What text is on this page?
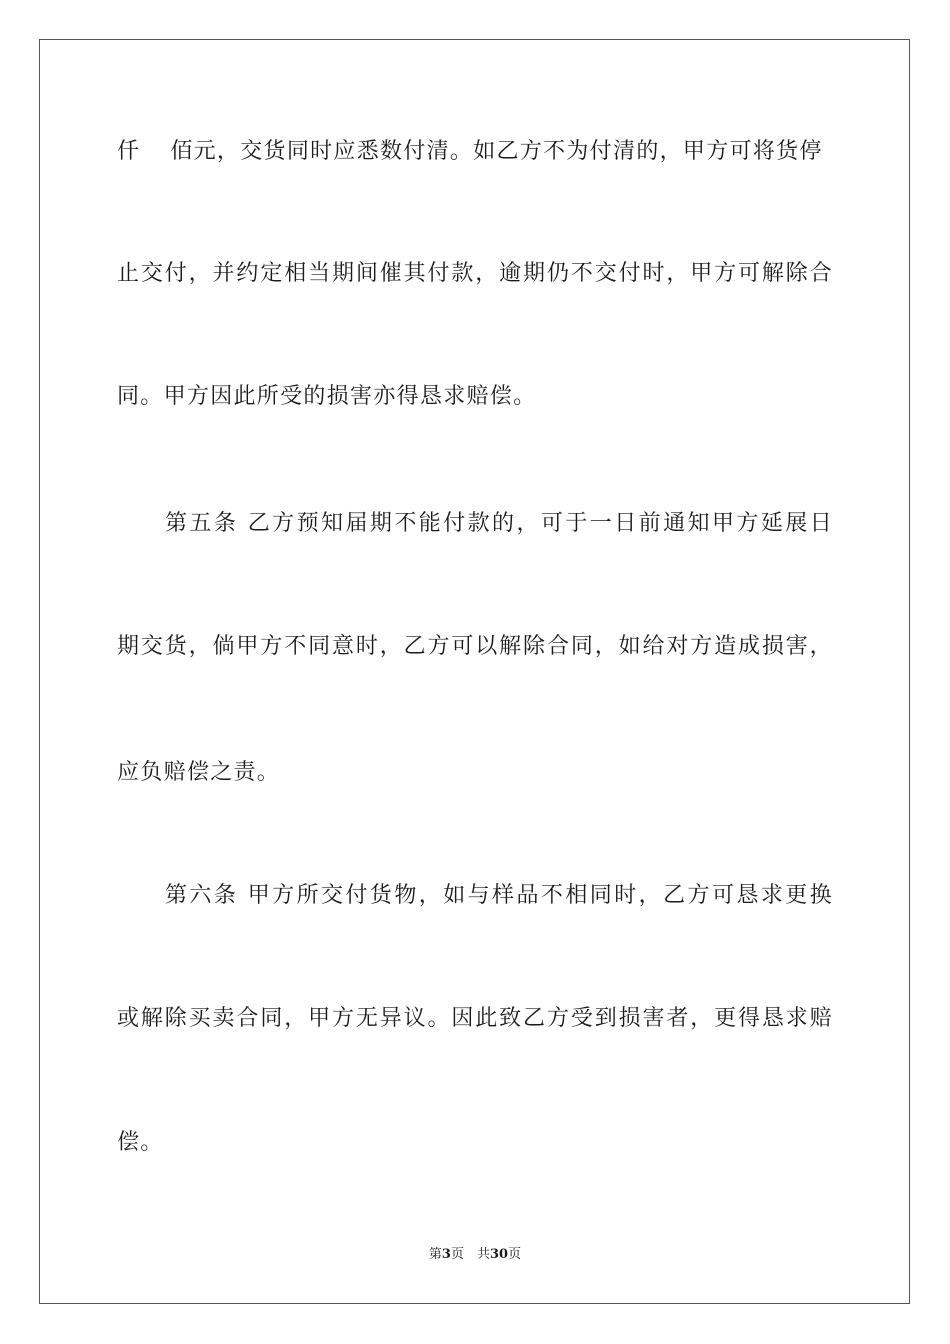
仟 佰元，交货同时应悉数付清。如乙方不为付清的，甲方可将货停
止交付，并约定相当期间催其付款，逾期仍不交付时，甲方可解除合
同。甲方因此所受的损害亦得恳求赔偿。
第五条 乙方预知届期不能付款的，可于一日前通知甲方延展日
期交货，倘甲方不同意时，乙方可以解除合同，如给对方造成损害，
应负赔偿之责。
第六条 甲方所交付货物，如与样品不相同时，乙方可恳求更换
或解除买卖合同，甲方无异议。因此致乙方受到损害者，更得恳求赔
偿。
第3页　共30页
